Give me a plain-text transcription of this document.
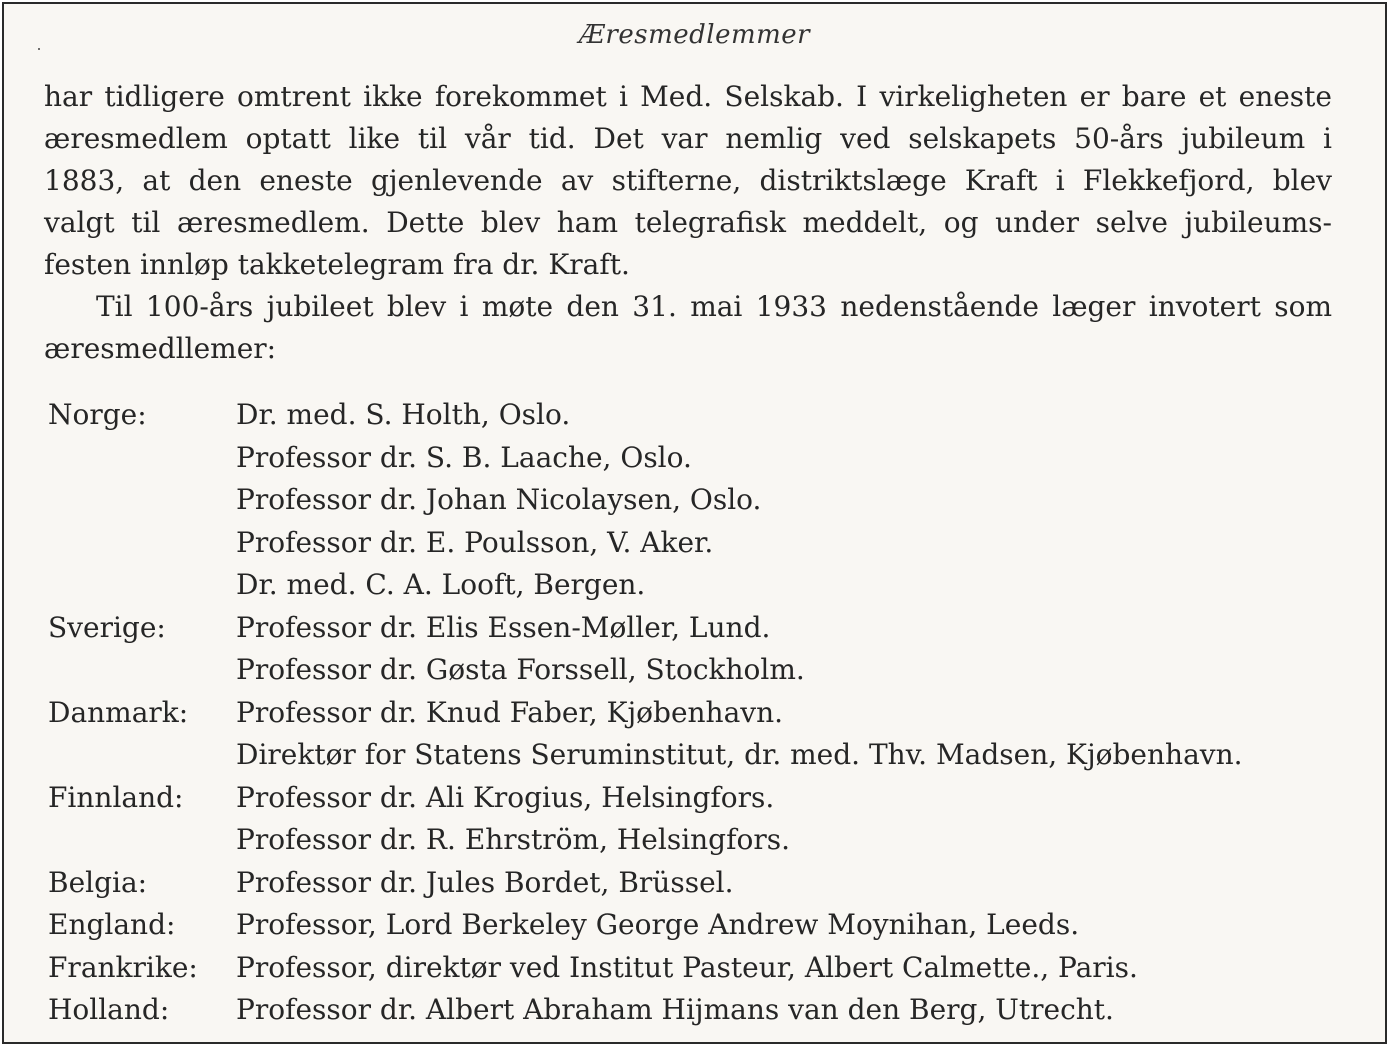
Æresmedlemmer
har tidligere omtrent ikke forekommet i Med. Selskab. I virkeligheten er bare et eneste
æresmedlem optatt like til vår tid. Det var nemlig ved selskapets 50-års jubileum i
1883, at den eneste gjenlevende av stifterne, distriktslæge Kraft i Flekkefjord, blev
valgt til æresmedlem. Dette blev ham telegrafisk meddelt, og under selve jubileums-
festen innløp takketelegram fra dr. Kraft.
Til 100-års jubileet blev i møte den 31. mai 1933 nedenstående læger invotert som
æresmedllemer:
Norge:	Dr. med. S. Holth, Oslo.
Professor dr. S. B. Laache, Oslo.
Professor dr. Johan Nicolaysen, Oslo.
Professor dr. E. Poulsson, V. Aker.
Dr. med. C. A. Looft, Bergen.
Sverige:	Professor dr. Elis Essen-Møller, Lund.
Professor dr. Gøsta Forssell, Stockholm.
Danmark: Professor dr. Knud Faber, Kjøbenhavn.
Direktør for Statens Seruminstitut, dr. med. Thv. Madsen, Kjøbenhavn.
Finnland: Professor dr. Ali Krogius, Helsingfors.
Professor dr. R. Ehrström, Helsingfors.
Belgia:	Professor dr. Jules Bordet, Brüssel.
England: Professor, Lord Berkeley George Andrew Moynihan, Leeds.
Frankrike: Professor, direktør ved Institut Pasteur, Albert Calmette., Paris.
Holland: Professor dr. Albert Abraham Hijmans van den Berg, Utrecht.
